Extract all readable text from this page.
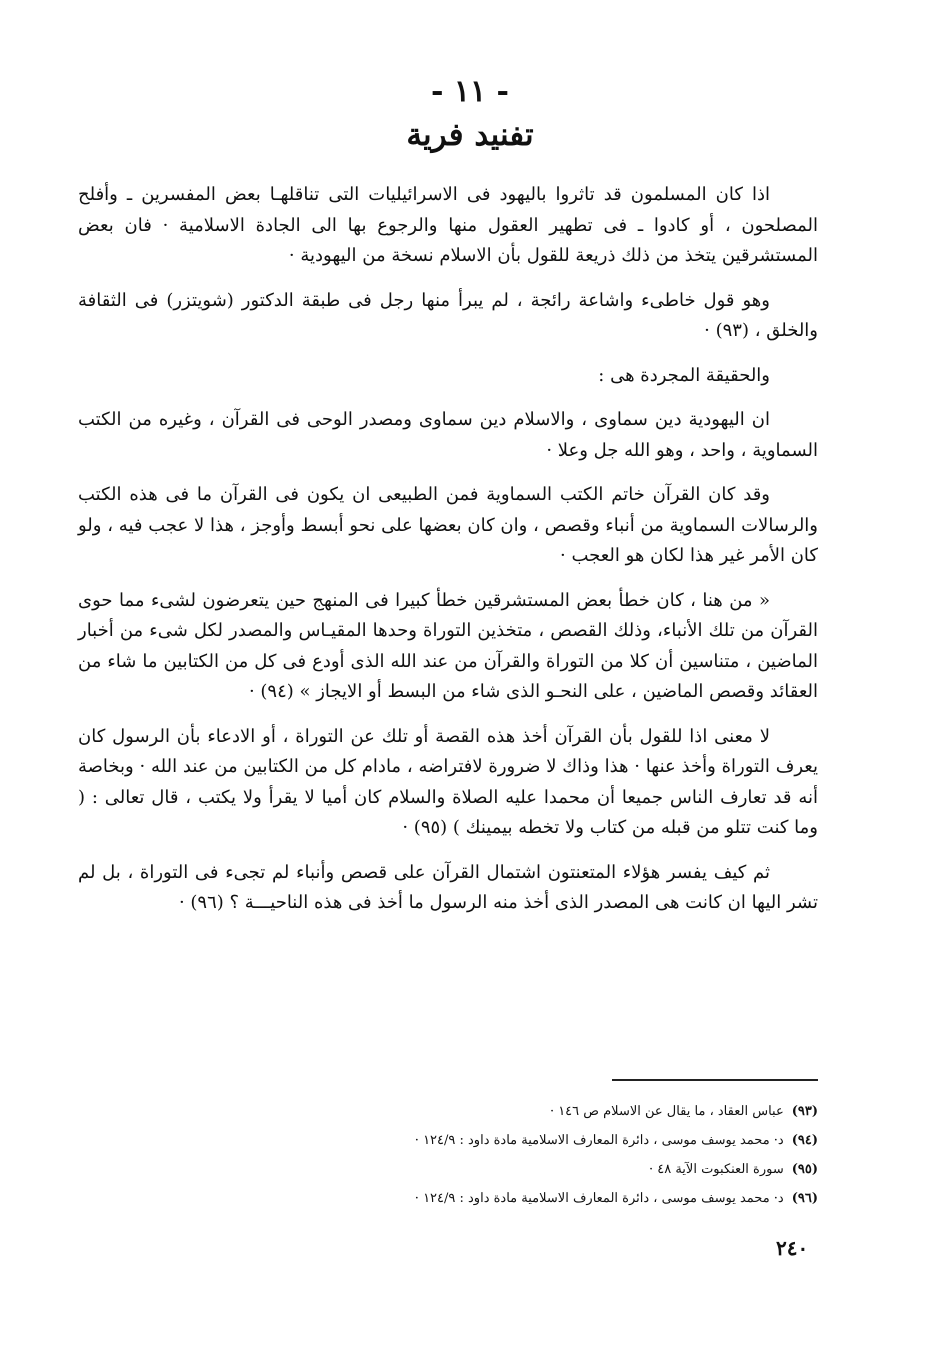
- ١١ -
تفنيد فرية

اذا كان المسلمون قد تاثروا باليهود فى الاسرائيليات التى تناقلهـا بعض المفسرين ـ وأفلح المصلحون ، أو كادوا ـ فى تطهير العقول منها والرجوع بها الى الجادة الاسلامية · فان بعض المستشرقين يتخذ من ذلك ذريعة للقول بأن الاسلام نسخة من اليهودية ·

وهو قول خاطىء واشاعة رائجة ، لم يبرأ منها رجل فى طبقة الدكتور (شويتزر) فى الثقافة والخلق ، (٩٣) ·

والحقيقة المجردة هى :

ان اليهودية دين سماوى ، والاسلام دين سماوى ومصدر الوحى فى القرآن ، وغيره من الكتب السماوية ، واحد ، وهو الله جل وعلا ·

وقد كان القرآن خاتم الكتب السماوية فمن الطبيعى ان يكون فى القرآن ما فى هذه الكتب والرسالات السماوية من أنباء وقصص ، وان كان بعضها على نحو أبسط وأوجز ، هذا لا عجب فيه ، ولو كان الأمر غير هذا لكان هو العجب ·

« من هنا ، كان خطأ بعض المستشرقين خطأ كبيرا فى المنهج حين يتعرضون لشىء مما حوى القرآن من تلك الأنباء، وذلك القصص ، متخذين التوراة وحدها المقيـاس والمصدر لكل شىء من أخبار الماضين ، متناسين أن كلا من التوراة والقرآن من عند الله الذى أودع فى كل من الكتابين ما شاء من العقائد وقصص الماضين ، على النحـو الذى شاء من البسط أو الايجاز » (٩٤) ·

لا معنى اذا للقول بأن القرآن أخذ هذه القصة أو تلك عن التوراة ، أو الادعاء بأن الرسول كان يعرف التوراة وأخذ عنها · هذا وذاك لا ضرورة لافتراضه ، مادام كل من الكتابين من عند الله · وبخاصة أنه قد تعارف الناس جميعا أن محمدا عليه الصلاة والسلام كان أميا لا يقرأ ولا يكتب ، قال تعالى : ( وما كنت تتلو من قبله من كتاب ولا تخطه بيمينك ) (٩٥) ·

ثم كيف يفسر هؤلاء المتعنتون اشتمال القرآن على قصص وأنباء لم تجىء فى التوراة ، بل لم تشر اليها ان كانت هى المصدر الذى أخذ منه الرسول ما أخذ فى هذه الناحيـــة ؟ (٩٦) ·

(٩٣)عباس العقاد ، ما يقال عن الاسلام ص ١٤٦ ·
(٩٤)د· محمد يوسف موسى ، دائرة المعارف الاسلامية مادة داود : ١٢٤/٩ ·
(٩٥)سورة العنكبوت الآية ٤٨ ·
(٩٦)د· محمد يوسف موسى ، دائرة المعارف الاسلامية مادة داود : ١٢٤/٩ ·
٢٤٠
